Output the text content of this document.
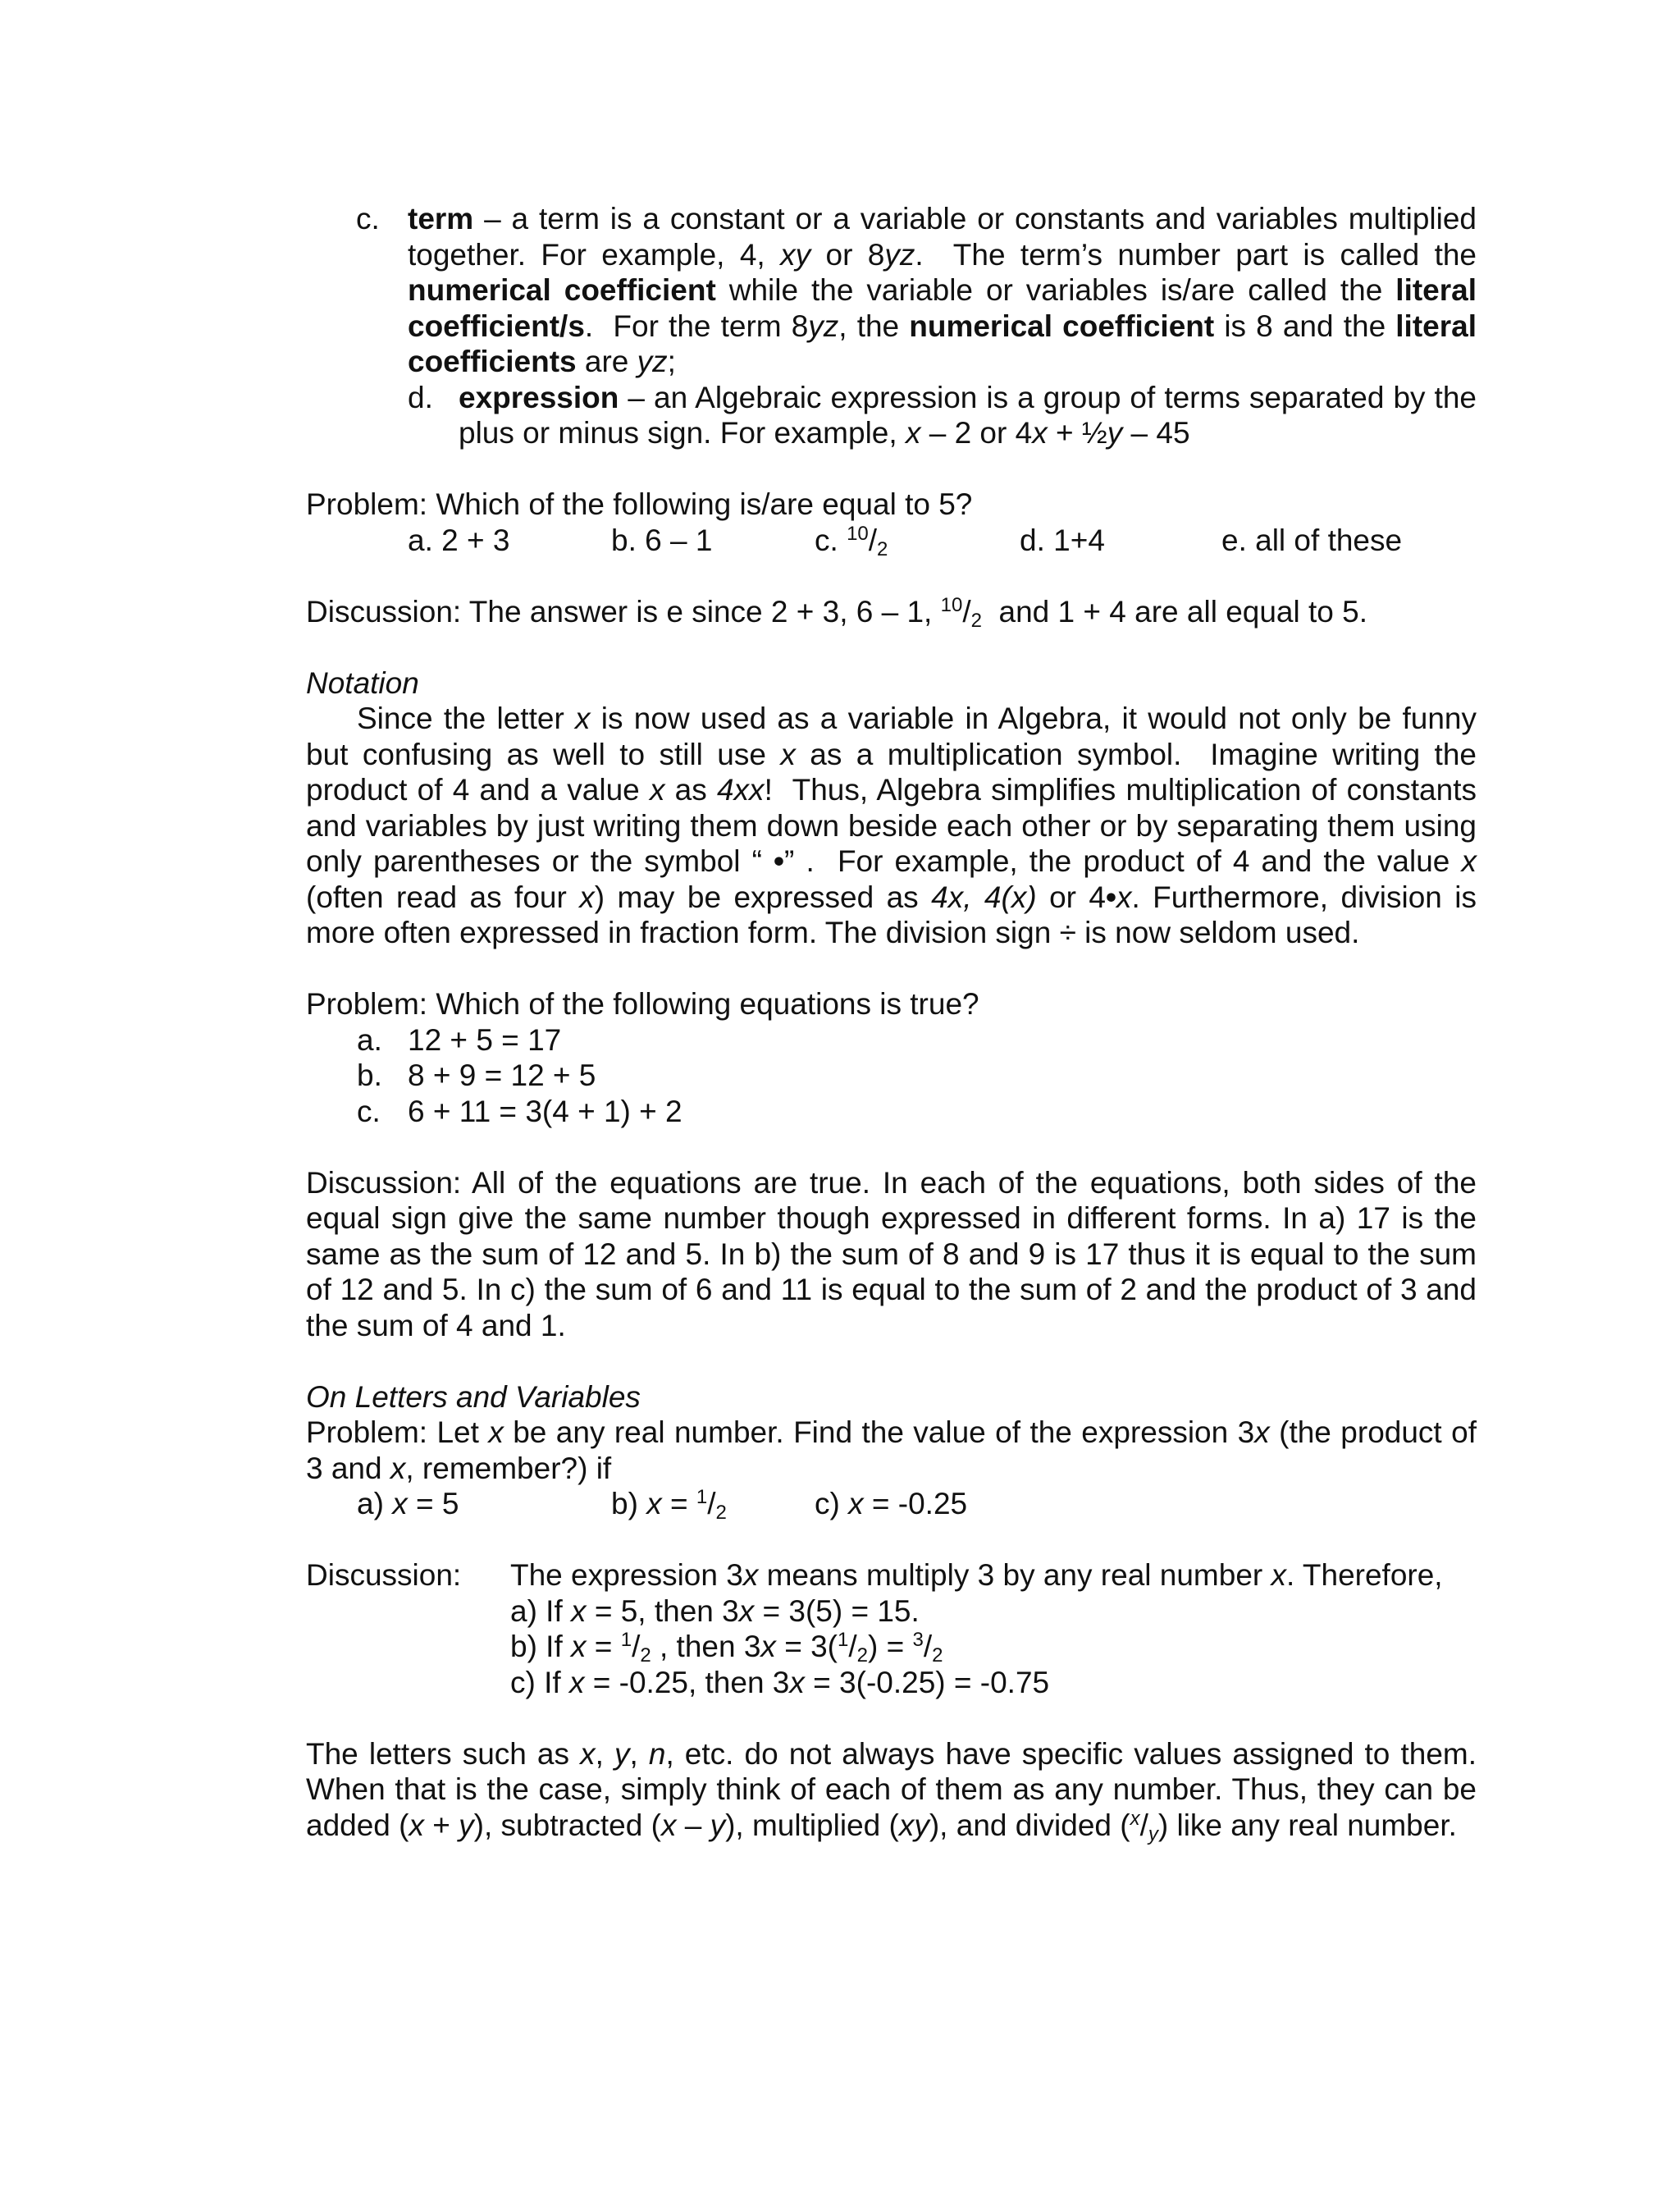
c. term – a term is a constant or a variable or constants and variables multiplied together. For example, 4, xy or 8yz.  The term’s number part is called the numerical coefficient while the variable or variables is/are called the literal coefficient/s.  For the term 8yz, the numerical coefficient is 8 and the literal coefficients are yz;
d. expression – an Algebraic expression is a group of terms separated by the plus or minus sign. For example, x – 2 or 4x + ½y – 45
Problem: Which of the following is/are equal to 5?
a. 2 + 3	b. 6 – 1	c. $^{10}/_2$	d. 1+4	e. all of these
Discussion: The answer is e since 2 + 3, 6 – 1, $^{10}/_2$ and 1 + 4 are all equal to 5.
Notation
Since the letter x is now used as a variable in Algebra, it would not only be funny but confusing as well to still use x as a multiplication symbol.  Imagine writing the product of 4 and a value x as 4xx!  Thus, Algebra simplifies multiplication of constants and variables by just writing them down beside each other or by separating them using only parentheses or the symbol “ •” .  For example, the product of 4 and the value x (often read as four x) may be expressed as 4x, 4(x) or 4•x. Furthermore, division is more often expressed in fraction form. The division sign ÷ is now seldom used.
Problem: Which of the following equations is true?
a. 12 + 5 = 17
b. 8 + 9 = 12 + 5
c. 6 + 11 = 3(4 + 1) + 2
Discussion: All of the equations are true. In each of the equations, both sides of the equal sign give the same number though expressed in different forms. In a) 17 is the same as the sum of 12 and 5. In b) the sum of 8 and 9 is 17 thus it is equal to the sum of 12 and 5. In c) the sum of 6 and 11 is equal to the sum of 2 and the product of 3 and the sum of 4 and 1.
On Letters and Variables
Problem: Let x be any real number. Find the value of the expression 3x (the product of 3 and x, remember?) if
a) x = 5	b) $x = ^1/_2$	c) x = -0.25
Discussion: The expression 3x means multiply 3 by any real number x. Therefore,
a) If x = 5, then 3x = 3(5) = 15.
b) If $x = ^1/_2$ , then $3x = 3(^1/_2) = ^3/_2$
c) If x = -0.25, then 3x = 3(-0.25) = -0.75
The letters such as x, y, n, etc. do not always have specific values assigned to them. When that is the case, simply think of each of them as any number. Thus, they can be added (x + y), subtracted (x – y), multiplied (xy), and divided $(^x/_y)$ like any real number.
